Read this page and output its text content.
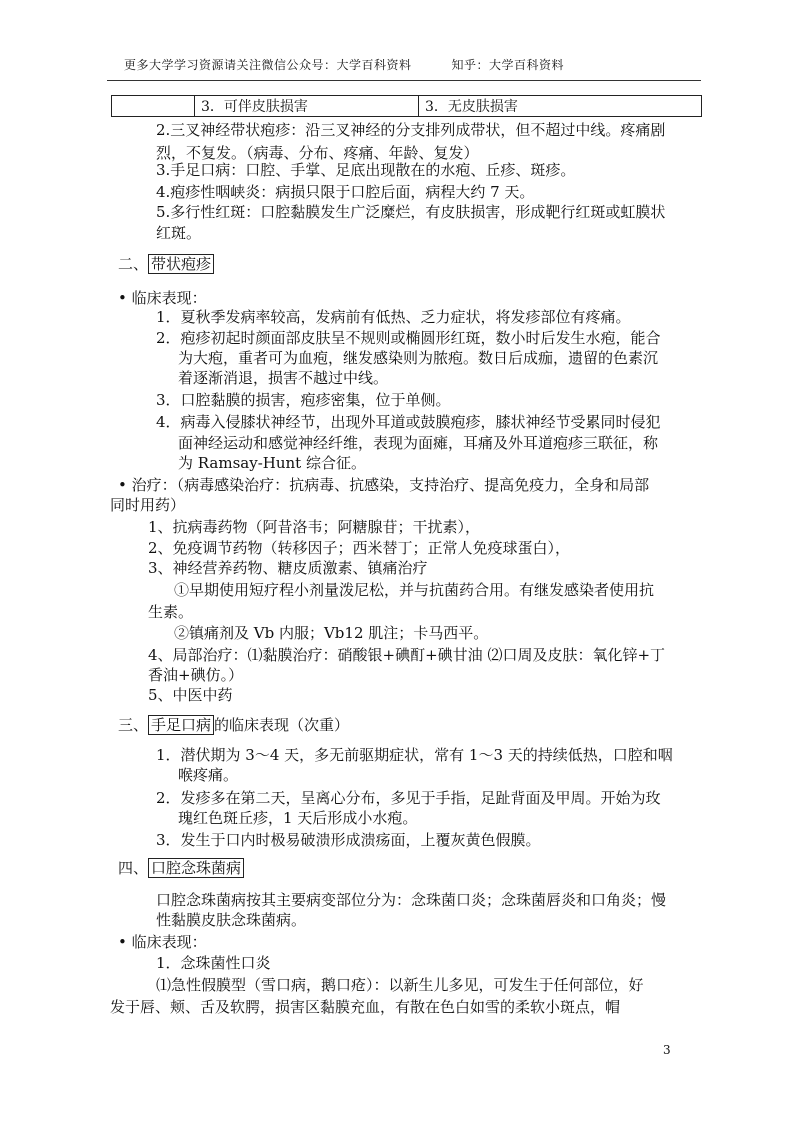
更多大学学习资源请关注微信公众号：大学百科资料	知乎：大学百科资料
	3．可伴皮肤损害	3．无皮肤损害
2.三叉神经带状疱疹：沿三叉神经的分支排列成带状，但不超过中线。疼痛剧
烈，不复发。（病毒、分布、疼痛、年龄、复发）
3.手足口病：口腔、手掌、足底出现散在的水疱、丘疹、斑疹。
4.疱疹性咽峡炎：病损只限于口腔后面，病程大约 7 天。
5.多行性红斑：口腔黏膜发生广泛糜烂，有皮肤损害，形成靶行红斑或虹膜状
红斑。
二、 带状疱疹
• 临床表现：
1．夏秋季发病率较高，发病前有低热、乏力症状，将发疹部位有疼痛。
2．疱疹初起时颜面部皮肤呈不规则或椭圆形红斑，数小时后发生水疱，能合
为大疱，重者可为血疱，继发感染则为脓疱。数日后成痂，遗留的色素沉
着逐渐消退，损害不越过中线。
3．口腔黏膜的损害，疱疹密集，位于单侧。
4．病毒入侵膝状神经节，出现外耳道或鼓膜疱疹，膝状神经节受累同时侵犯
面神经运动和感觉神经纤维，表现为面瘫，耳痛及外耳道疱疹三联征，称
为 Ramsay-Hunt 综合征。
• 治疗：（病毒感染治疗：抗病毒、抗感染，支持治疗、提高免疫力，全身和局部
同时用药）
1、抗病毒药物（阿昔洛韦；阿糖腺苷；干扰素），
2、免疫调节药物（转移因子；西米替丁；正常人免疫球蛋白），
3、神经营养药物、糖皮质激素、镇痛治疗
①早期使用短疗程小剂量泼尼松，并与抗菌药合用。有继发感染者使用抗
生素。
②镇痛剂及 Vb 内服；Vb12 肌注；卡马西平。
4、局部治疗：⑴黏膜治疗：硝酸银+碘酊+碘甘油 ⑵口周及皮肤：氧化锌+丁
香油+碘仿。）
5、中医中药
三、 手足口病 的临床表现（次重）
1．潜伏期为 3～4 天，多无前驱期症状，常有 1～3 天的持续低热，口腔和咽
喉疼痛。
2．发疹多在第二天，呈离心分布，多见于手指，足趾背面及甲周。开始为玫
瑰红色斑丘疹，1 天后形成小水疱。
3．发生于口内时极易破溃形成溃疡面，上覆灰黄色假膜。
四、 口腔念珠菌病
口腔念珠菌病按其主要病变部位分为：念珠菌口炎；念珠菌唇炎和口角炎；慢
性黏膜皮肤念珠菌病。
• 临床表现：
1．念珠菌性口炎
⑴急性假膜型（雪口病，鹅口疮）：以新生儿多见，可发生于任何部位，好
发于唇、颊、舌及软腭，损害区黏膜充血，有散在色白如雪的柔软小斑点，帽
3
